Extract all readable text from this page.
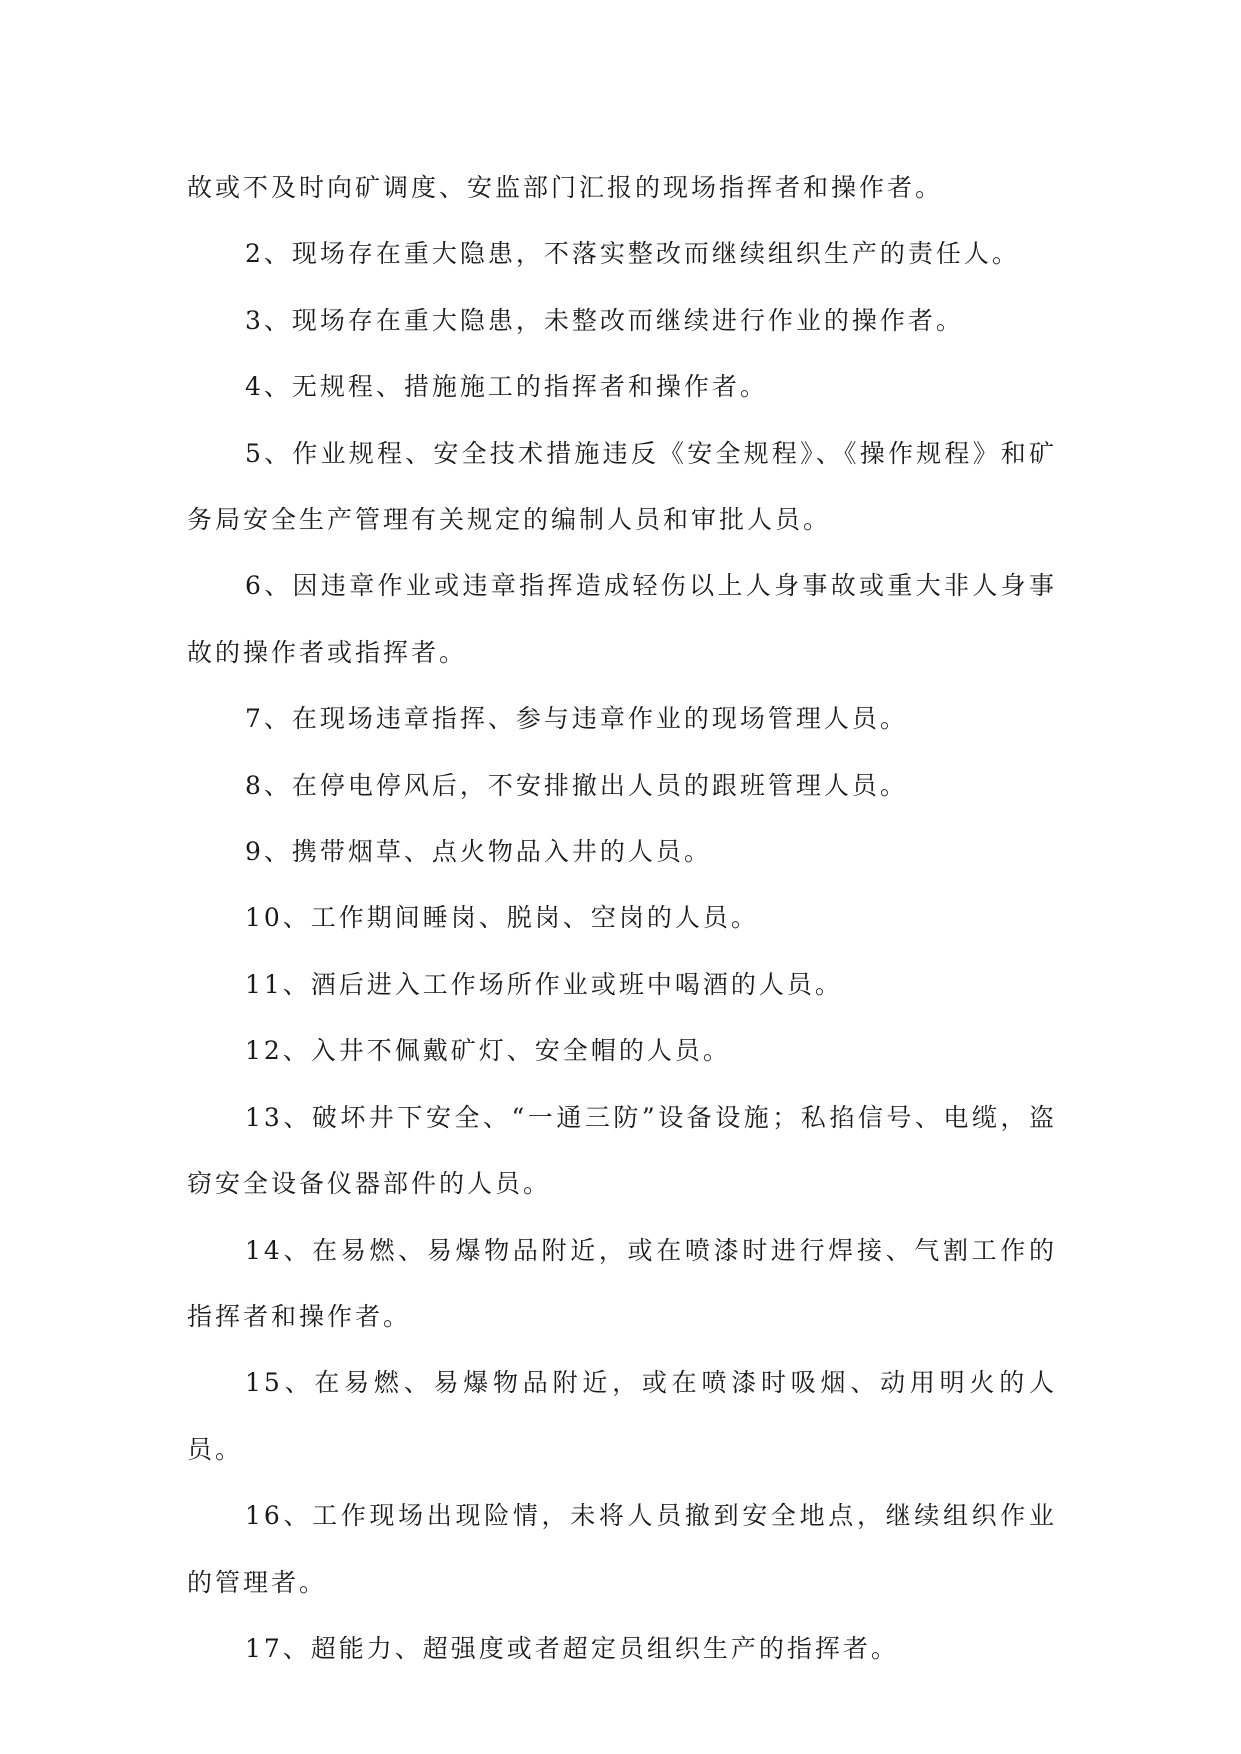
故或不及时向矿调度、安监部门汇报的现场指挥者和操作者。

2、现场存在重大隐患，不落实整改而继续组织生产的责任人。

3、现场存在重大隐患，未整改而继续进行作业的操作者。

4、无规程、措施施工的指挥者和操作者。

5、作业规程、安全技术措施违反《安全规程》、《操作规程》和矿务局安全生产管理有关规定的编制人员和审批人员。

6、因违章作业或违章指挥造成轻伤以上人身事故或重大非人身事故的操作者或指挥者。

7、在现场违章指挥、参与违章作业的现场管理人员。

8、在停电停风后，不安排撤出人员的跟班管理人员。

9、携带烟草、点火物品入井的人员。

10、工作期间睡岗、脱岗、空岗的人员。

11、酒后进入工作场所作业或班中喝酒的人员。

12、入井不佩戴矿灯、安全帽的人员。

13、破坏井下安全、“一通三防”设备设施；私掐信号、电缆，盗窃安全设备仪器部件的人员。

14、在易燃、易爆物品附近，或在喷漆时进行焊接、气割工作的指挥者和操作者。

15、在易燃、易爆物品附近，或在喷漆时吸烟、动用明火的人员。

16、工作现场出现险情，未将人员撤到安全地点，继续组织作业的管理者。

17、超能力、超强度或者超定员组织生产的指挥者。
